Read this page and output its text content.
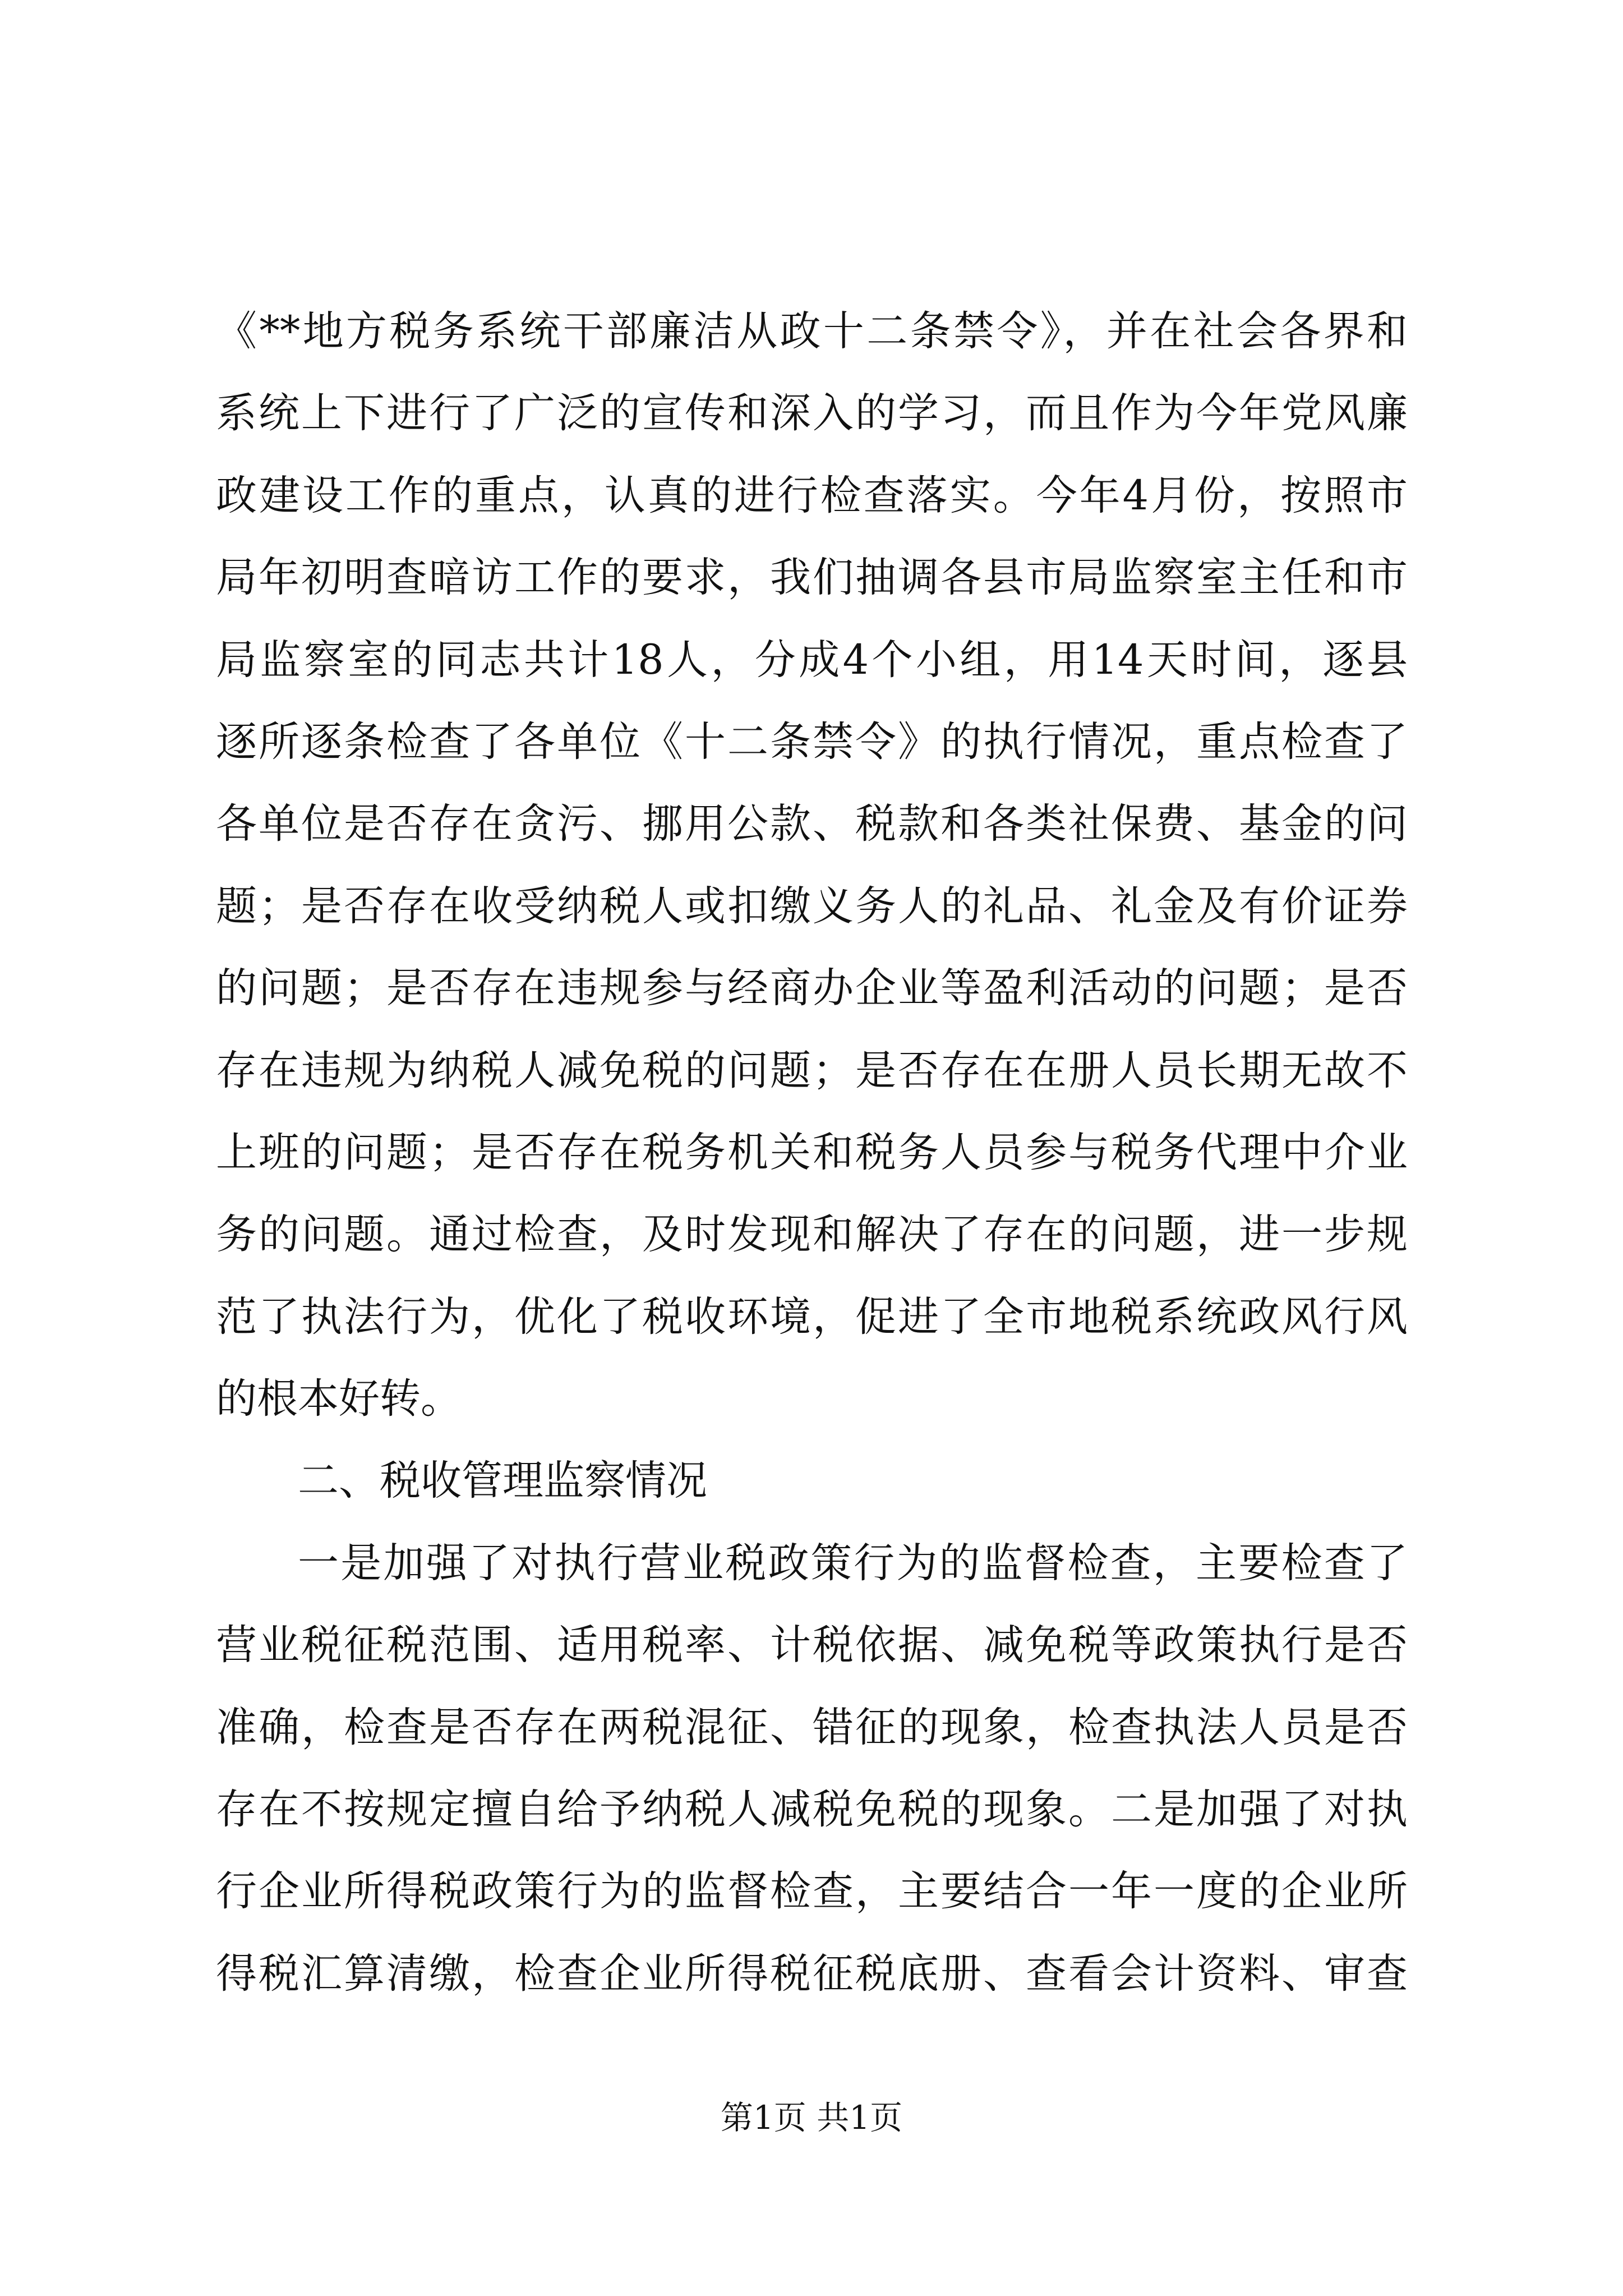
《**地方税务系统干部廉洁从政十二条禁令》，并在社会各界和
系统上下进行了广泛的宣传和深入的学习，而且作为今年党风廉
政建设工作的重点，认真的进行检查落实。今年4月份，按照市
局年初明查暗访工作的要求，我们抽调各县市局监察室主任和市
局监察室的同志共计18人，分成4个小组，用14天时间，逐县
逐所逐条检查了各单位《十二条禁令》的执行情况，重点检查了
各单位是否存在贪污、挪用公款、税款和各类社保费、基金的问
题；是否存在收受纳税人或扣缴义务人的礼品、礼金及有价证券
的问题；是否存在违规参与经商办企业等盈利活动的问题；是否
存在违规为纳税人减免税的问题；是否存在在册人员长期无故不
上班的问题；是否存在税务机关和税务人员参与税务代理中介业
务的问题。通过检查，及时发现和解决了存在的问题，进一步规
范了执法行为，优化了税收环境，促进了全市地税系统政风行风
的根本好转。
二、税收管理监察情况
一是加强了对执行营业税政策行为的监督检查，主要检查了
营业税征税范围、适用税率、计税依据、减免税等政策执行是否
准确，检查是否存在两税混征、错征的现象，检查执法人员是否
存在不按规定擅自给予纳税人减税免税的现象。二是加强了对执
行企业所得税政策行为的监督检查，主要结合一年一度的企业所
得税汇算清缴，检查企业所得税征税底册、查看会计资料、审查
第1页 共1页
